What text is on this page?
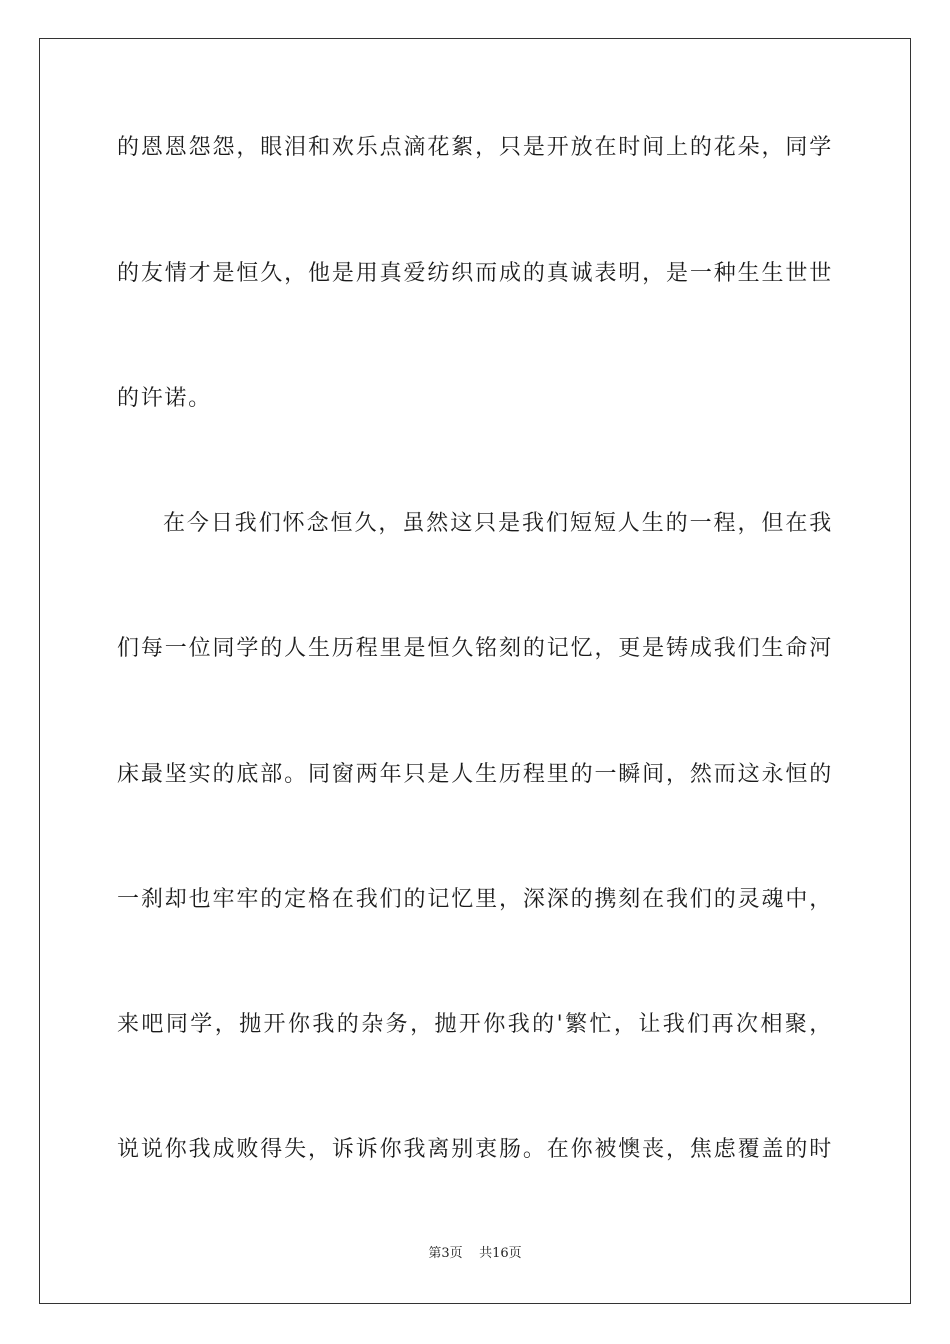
的恩恩怨怨，眼泪和欢乐点滴花絮，只是开放在时间上的花朵，同学
的友情才是恒久，他是用真爱纺织而成的真诚表明，是一种生生世世
的许诺。
在今日我们怀念恒久，虽然这只是我们短短人生的一程，但在我
们每一位同学的人生历程里是恒久铭刻的记忆，更是铸成我们生命河
床最坚实的底部。同窗两年只是人生历程里的一瞬间，然而这永恒的
一刹却也牢牢的定格在我们的记忆里，深深的携刻在我们的灵魂中，
来吧同学，抛开你我的杂务，抛开你我的'繁忙，让我们再次相聚，
说说你我成败得失，诉诉你我离别衷肠。在你被懊丧，焦虑覆盖的时
第3页 共16页
